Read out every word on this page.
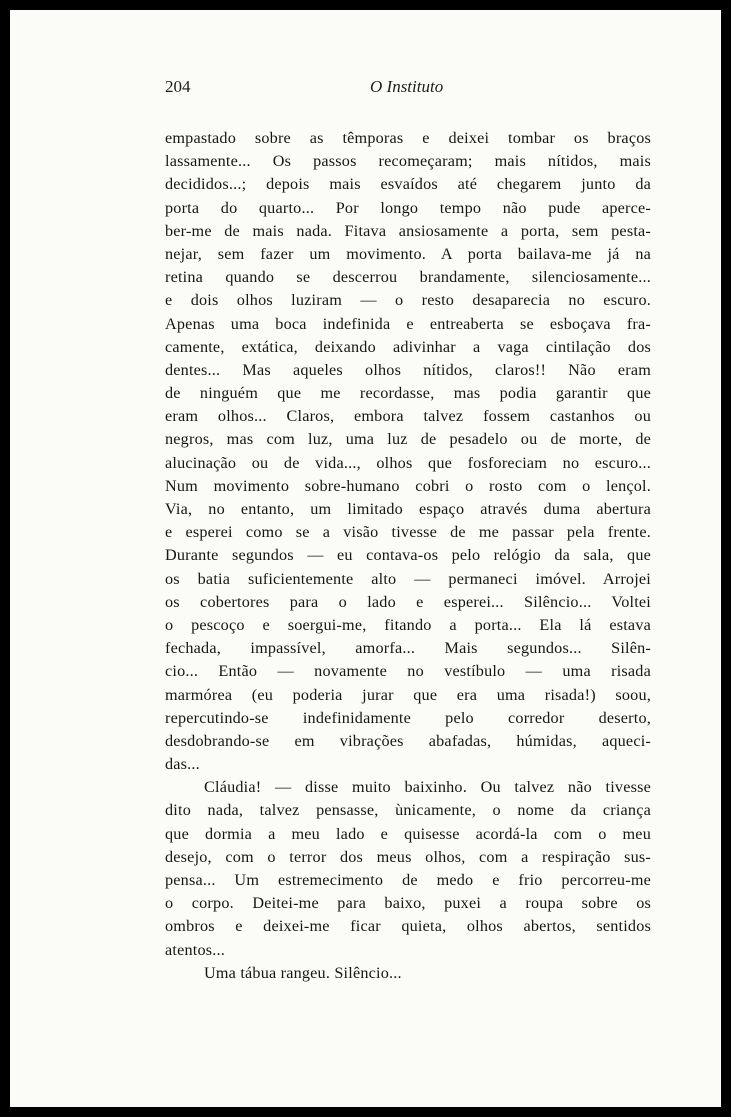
204	O Instituto
empastado sobre as têmporas e deixei tombar os braços
lassamente... Os passos recomeçaram; mais nítidos, mais
decididos...; depois mais esvaídos até chegarem junto da
porta do quarto... Por longo tempo não pude aperce-
ber-me de mais nada. Fitava ansiosamente a porta, sem pesta-
nejar, sem fazer um movimento. A porta bailava-me já na
retina quando se descerrou brandamente, silenciosamente...
e dois olhos luziram — o resto desaparecia no escuro.
Apenas uma boca indefinida e entreaberta se esboçava fra-
camente, extática, deixando adivinhar a vaga cintilação dos
dentes... Mas aqueles olhos nítidos, claros!! Não eram
de ninguém que me recordasse, mas podia garantir que
eram olhos... Claros, embora talvez fossem castanhos ou
negros, mas com luz, uma luz de pesadelo ou de morte, de
alucinação ou de vida..., olhos que fosforeciam no escuro...
Num movimento sobre-humano cobri o rosto com o lençol.
Via, no entanto, um limitado espaço através duma abertura
e esperei como se a visão tivesse de me passar pela frente.
Durante segundos — eu contava-os pelo relógio da sala, que
os batia suficientemente alto — permaneci imóvel. Arrojei
os cobertores para o lado e esperei... Silêncio... Voltei
o pescoço e soergui-me, fitando a porta... Ela lá estava
fechada, impassível, amorfa... Mais segundos... Silên-
cio... Então — novamente no vestíbulo — uma risada
marmórea (eu poderia jurar que era uma risada!) soou,
repercutindo-se indefinidamente pelo corredor deserto,
desdobrando-se em vibrações abafadas, húmidas, aqueci-
das...
Cláudia! — disse muito baixinho. Ou talvez não tivesse
dito nada, talvez pensasse, ùnicamente, o nome da criança
que dormia a meu lado e quisesse acordá-la com o meu
desejo, com o terror dos meus olhos, com a respiração sus-
pensa... Um estremecimento de medo e frio percorreu-me
o corpo. Deitei-me para baixo, puxei a roupa sobre os
ombros e deixei-me ficar quieta, olhos abertos, sentidos
atentos...
Uma tábua rangeu. Silêncio...
